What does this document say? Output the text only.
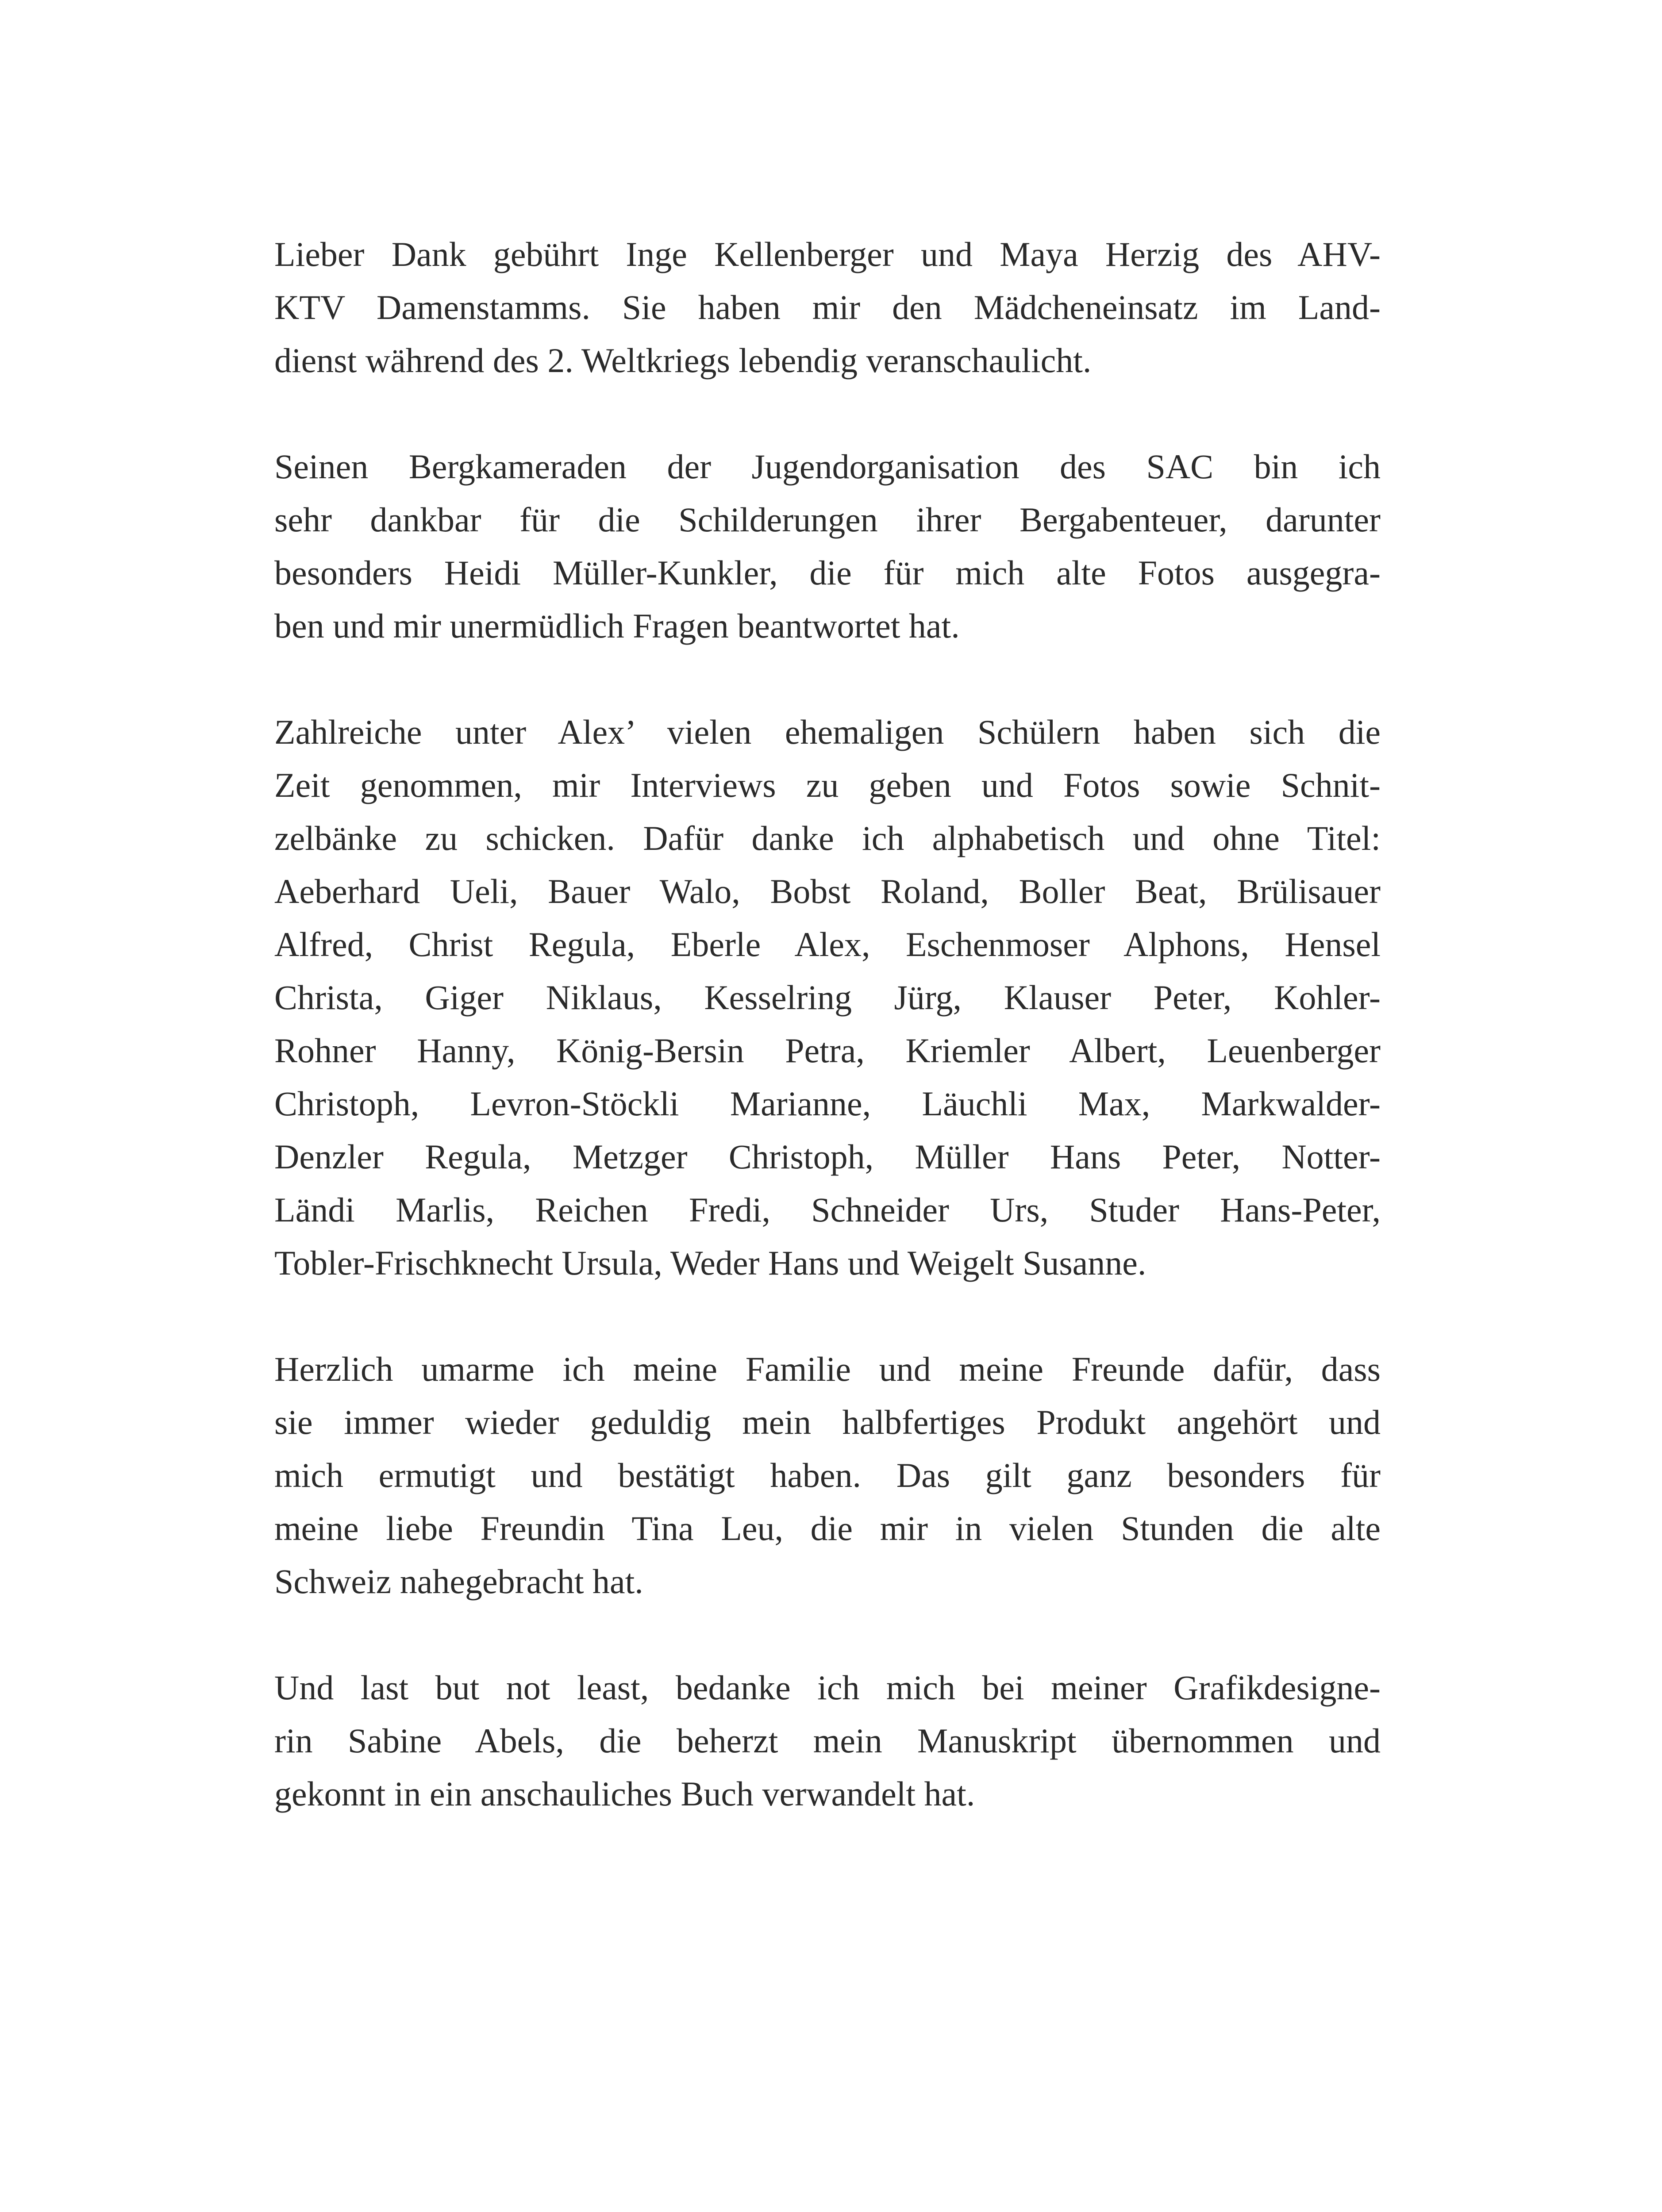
Lieber Dank gebührt Inge Kellenberger und Maya Herzig des AHV-
KTV Damenstamms. Sie haben mir den Mädcheneinsatz im Land-
dienst während des 2. Weltkriegs lebendig veranschaulicht.
Seinen Bergkameraden der Jugendorganisation des SAC bin ich
sehr dankbar für die Schilderungen ihrer Bergabenteuer, darunter
besonders Heidi Müller-Kunkler, die für mich alte Fotos ausgegra-
ben und mir unermüdlich Fragen beantwortet hat.
Zahlreiche unter Alex’ vielen ehemaligen Schülern haben sich die
Zeit genommen, mir Interviews zu geben und Fotos sowie Schnit-
zelbänke zu schicken. Dafür danke ich alphabetisch und ohne Titel:
Aeberhard Ueli, Bauer Walo, Bobst Roland, Boller Beat, Brülisauer
Alfred, Christ Regula, Eberle Alex, Eschenmoser Alphons, Hensel
Christa, Giger Niklaus, Kesselring Jürg, Klauser Peter, Kohler-
Rohner Hanny, König-Bersin Petra, Kriemler Albert, Leuenberger
Christoph, Levron-Stöckli Marianne, Läuchli Max, Markwalder-
Denzler Regula, Metzger Christoph, Müller Hans Peter, Notter-
Ländi Marlis, Reichen Fredi, Schneider Urs, Studer Hans-Peter,
Tobler-Frischknecht Ursula, Weder Hans und Weigelt Susanne.
Herzlich umarme ich meine Familie und meine Freunde dafür, dass
sie immer wieder geduldig mein halbfertiges Produkt angehört und
mich ermutigt und bestätigt haben. Das gilt ganz besonders für
meine liebe Freundin Tina Leu, die mir in vielen Stunden die alte
Schweiz nahegebracht hat.
Und last but not least, bedanke ich mich bei meiner Grafikdesigne-
rin Sabine Abels, die beherzt mein Manuskript übernommen und
gekonnt in ein anschauliches Buch verwandelt hat.
